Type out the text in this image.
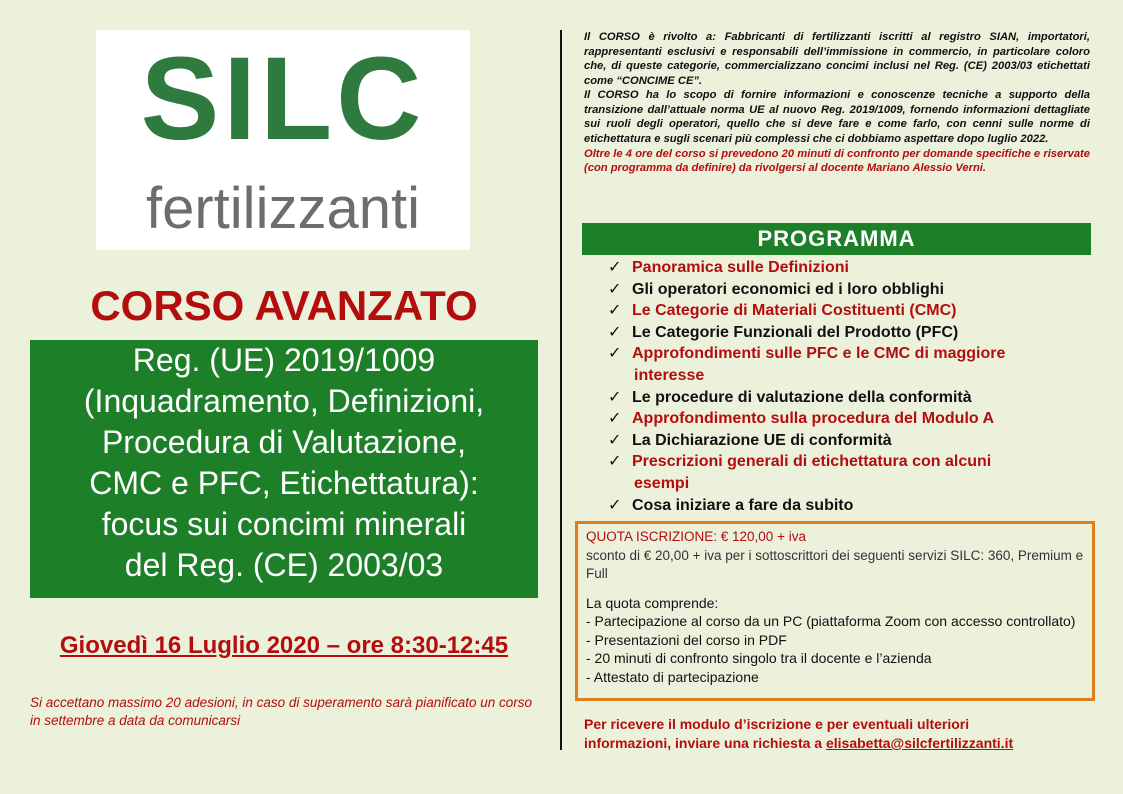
SILC
fertilizzanti
CORSO AVANZATO
Reg. (UE) 2019/1009
(Inquadramento, Definizioni,
Procedura di Valutazione,
CMC e PFC, Etichettatura):
focus sui concimi minerali
del Reg. (CE) 2003/03
Giovedì 16 Luglio 2020 – ore 8:30-12:45
Si accettano massimo 20 adesioni, in caso di superamento sarà pianificato un corso in settembre a data da comunicarsi

Il CORSO è rivolto a: Fabbricanti di fertilizzanti iscritti al registro SIAN, importatori, rappresentanti esclusivi e responsabili dell’immissione in commercio, in particolare coloro che, di queste categorie, commercializzano concimi inclusi nel Reg. (CE) 2003/03 etichettati come “CONCIME CE”.

Il CORSO ha lo scopo di fornire informazioni e conoscenze tecniche a supporto della transizione dall’attuale norma UE al nuovo Reg. 2019/1009, fornendo informazioni dettagliate sui ruoli degli operatori, quello che si deve fare e come farlo, con cenni sulle norme di etichettatura e sugli scenari più complessi che ci dobbiamo aspettare dopo luglio 2022.

Oltre le 4 ore del corso si prevedono 20 minuti di confronto per domande specifiche e riservate (con programma da definire) da rivolgersi al docente Mariano Alessio Verni.

PROGRAMMA
✓ Panoramica sulle Definizioni
✓ Gli operatori economici ed i loro obblighi
✓ Le Categorie di Materiali Costituenti (CMC)
✓ Le Categorie Funzionali del Prodotto (PFC)
✓ Approfondimenti sulle PFC e le CMC di maggiore
interesse
✓ Le procedure di valutazione della conformità
✓ Approfondimento sulla procedura del Modulo A
✓ La Dichiarazione UE di conformità
✓ Prescrizioni generali di etichettatura con alcuni
esempi
✓ Cosa iniziare a fare da subito
QUOTA ISCRIZIONE: € 120,00 + iva
sconto di € 20,00 + iva per i sottoscrittori dei seguenti servizi SILC: 360, Premium e Full
La quota comprende:
- Partecipazione al corso da un PC (piattaforma Zoom con accesso controllato)
- Presentazioni del corso in PDF
- 20 minuti di confronto singolo tra il docente e l’azienda
- Attestato di partecipazione
Per ricevere il modulo d’iscrizione e per eventuali ulteriori
informazioni, inviare una richiesta a elisabetta@silcfertilizzanti.it
